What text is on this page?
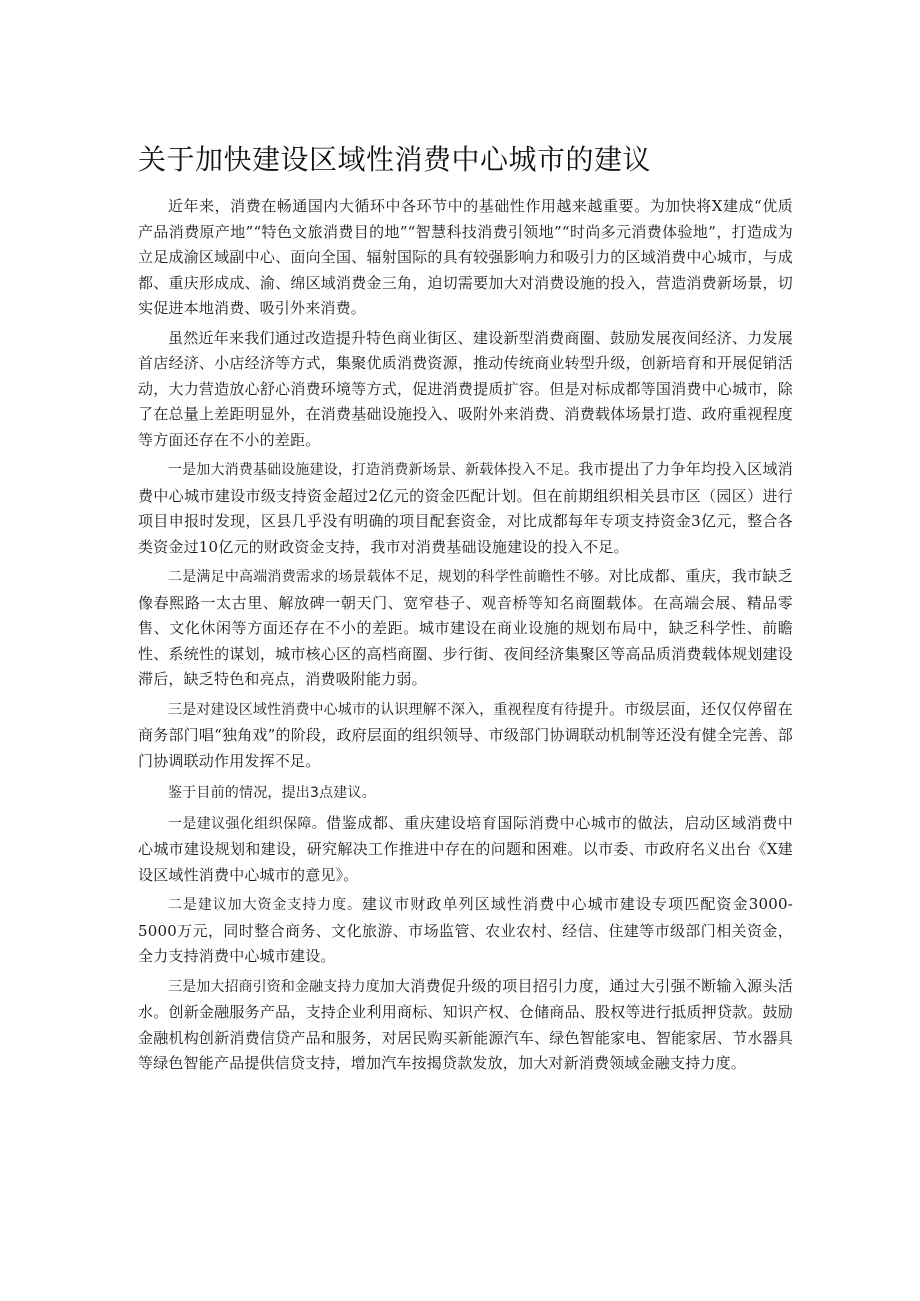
关于加快建设区域性消费中心城市的建议

近年来，消费在畅通国内大循环中各环节中的基础性作用越来越重要。为加快将X建成“优质产品消费原产地”“特色文旅消费目的地”“智慧科技消费引领地”“时尚多元消费体验地”，打造成为立足成渝区域副中心、面向全国、辐射国际的具有较强影响力和吸引力的区域消费中心城市，与成都、重庆形成成、渝、绵区域消费金三角，迫切需要加大对消费设施的投入，营造消费新场景，切实促进本地消费、吸引外来消费。

虽然近年来我们通过改造提升特色商业街区、建设新型消费商圈、鼓励发展夜间经济、力发展首店经济、小店经济等方式，集聚优质消费资源，推动传统商业转型升级，创新培育和开展促销活动，大力营造放心舒心消费环境等方式，促进消费提质扩容。但是对标成都等国消费中心城市，除了在总量上差距明显外，在消费基础设施投入、吸附外来消费、消费载体场景打造、政府重视程度等方面还存在不小的差距。

一是加大消费基础设施建设，打造消费新场景、新载体投入不足。我市提出了力争年均投入区域消费中心城市建设市级支持资金超过2亿元的资金匹配计划。但在前期组织相关县市区（园区）进行项目申报时发现，区县几乎没有明确的项目配套资金，对比成都每年专项支持资金3亿元，整合各类资金过10亿元的财政资金支持，我市对消费基础设施建设的投入不足。

二是满足中高端消费需求的场景载体不足，规划的科学性前瞻性不够。对比成都、重庆，我市缺乏像春熙路一太古里、解放碑一朝天门、宽窄巷子、观音桥等知名商圈载体。在高端会展、精品零售、文化休闲等方面还存在不小的差距。城市建设在商业设施的规划布局中，缺乏科学性、前瞻性、系统性的谋划，城市核心区的高档商圈、步行街、夜间经济集聚区等高品质消费载体规划建设滞后，缺乏特色和亮点，消费吸附能力弱。

三是对建设区域性消费中心城市的认识理解不深入，重视程度有待提升。市级层面，还仅仅停留在商务部门唱“独角戏”的阶段，政府层面的组织领导、市级部门协调联动机制等还没有健全完善、部门协调联动作用发挥不足。

鉴于目前的情况，提出3点建议。

一是建议强化组织保障。借鉴成都、重庆建设培育国际消费中心城市的做法，启动区域消费中心城市建设规划和建设，研究解决工作推进中存在的问题和困难。以市委、市政府名义出台《X建设区域性消费中心城市的意见》。

二是建议加大资金支持力度。建议市财政单列区域性消费中心城市建设专项匹配资金3000-5000万元，同时整合商务、文化旅游、市场监管、农业农村、经信、住建等市级部门相关资金，全力支持消费中心城市建设。

三是加大招商引资和金融支持力度加大消费促升级的项目招引力度，通过大引强不断输入源头活水。创新金融服务产品，支持企业利用商标、知识产权、仓储商品、股权等进行抵质押贷款。鼓励金融机构创新消费信贷产品和服务，对居民购买新能源汽车、绿色智能家电、智能家居、节水器具等绿色智能产品提供信贷支持，增加汽车按揭贷款发放，加大对新消费领域金融支持力度。
